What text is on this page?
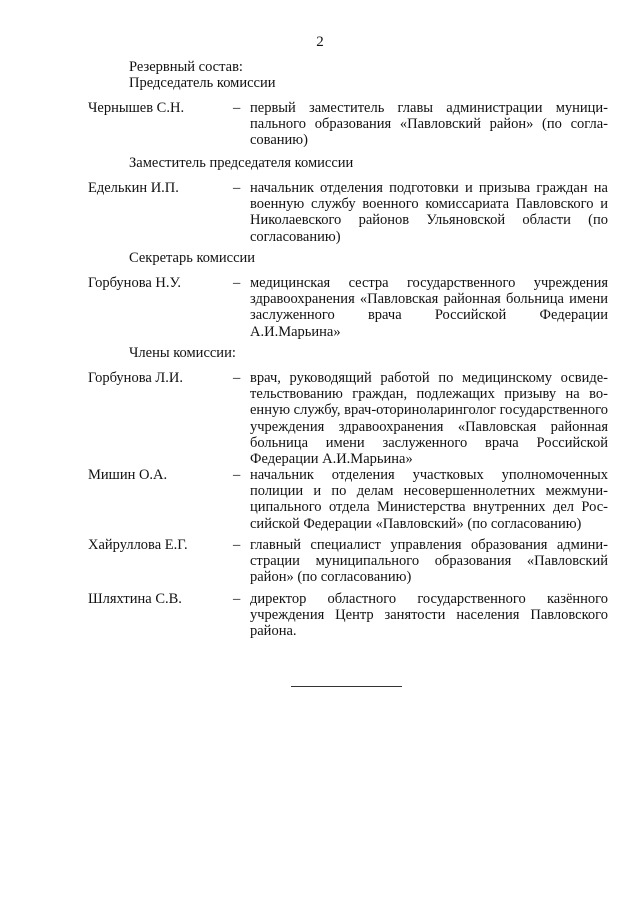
2
Резервный состав:
Председатель комиссии
Чернышев С.Н.	– первый заместитель главы администрации муниципального образования «Павловский район» (по согласованию)
Заместитель председателя комиссии
Еделькин И.П.	– начальник отделения подготовки и призыва граждан на военную службу военного комиссариата Павловского и Николаевского районов Ульяновской области (по согласованию)
Секретарь комиссии
Горбунова Н.У.	– медицинская сестра государственного учреждения здравоохранения «Павловская районная больница имени заслуженного врача Российской Федерации А.И.Марьина»
Члены комиссии:
Горбунова Л.И.	– врач, руководящий работой по медицинскому освидетельствованию граждан, подлежащих призыву на военную службу, врач-оториноларинголог государственного учреждения здравоохранения «Павловская районная больница имени заслуженного врача Российской Федерации А.И.Марьина»
Мишин О.А.	– начальник отделения участковых уполномоченных полиции и по делам несовершеннолетних межмуниципального отдела Министерства внутренних дел Российской Федерации «Павловский» (по согласованию)
Хайруллова Е.Г.	– главный специалист управления образования администрации муниципального образования «Павловский район» (по согласованию)
Шляхтина С.В.	– директор областного государственного казённого учреждения Центр занятости населения Павловского района.
